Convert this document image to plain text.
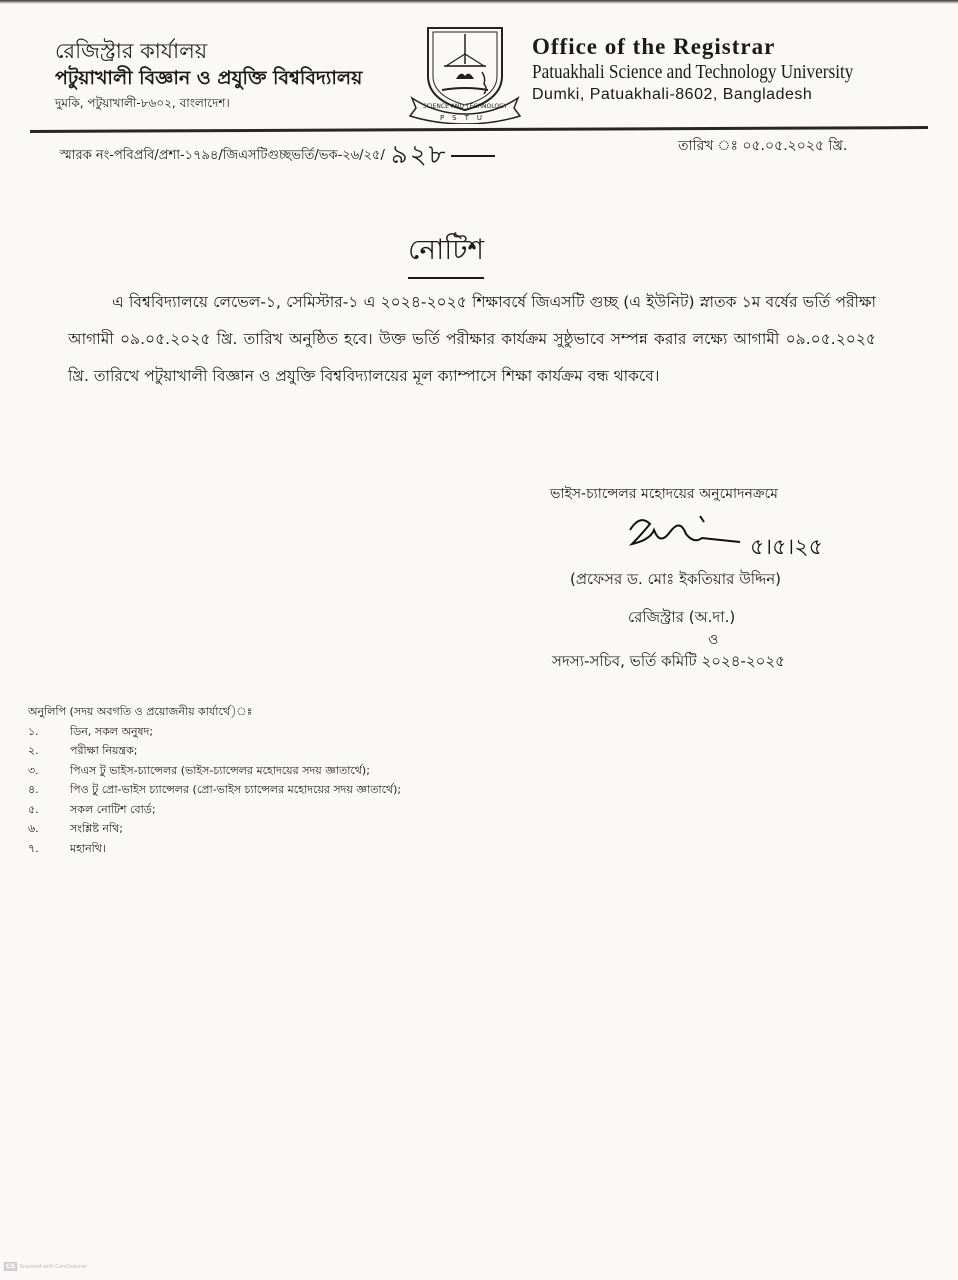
রেজিস্ট্রার কার্যালয়
পটুয়াখালী বিজ্ঞান ও প্রযুক্তি বিশ্ববিদ্যালয়
দুমকি, পটুয়াখালী-৮৬০২, বাংলাদেশ।	SCIENCE AND TECHNOLOGY
PSTU
Office of the Registrar
Patuakhali Science and Technology University
Dumki, Patuakhali-8602, Bangladesh
স্মারক নং-পবিপ্রবি/প্রশা-১৭৯৪/জিএসটিগুচ্ছভর্তি/ভক-২৬/২৫/ ৯২৮	তারিখ ঃ ০৫.০৫.২০২৫ খ্রি.
নোটিশ
এ বিশ্ববিদ্যালয়ে লেভেল-১, সেমিস্টার-১ এ ২০২৪-২০২৫ শিক্ষাবর্ষে জিএসটি গুচ্ছ (এ ইউনিট) স্নাতক ১ম বর্ষের ভর্তি পরীক্ষা আগামী ০৯.০৫.২০২৫ খ্রি. তারিখ অনুষ্ঠিত হবে। উক্ত ভর্তি পরীক্ষার কার্যক্রম সুষ্ঠুভাবে সম্পন্ন করার লক্ষ্যে আগামী ০৯.০৫.২০২৫ খ্রি. তারিখে পটুয়াখালী বিজ্ঞান ও প্রযুক্তি বিশ্ববিদ্যালয়ের মূল ক্যাম্পাসে শিক্ষা কার্যক্রম বন্ধ থাকবে।
ভাইস-চ্যান্সেলর মহোদয়ের অনুমোদনক্রমে
৫।৫।২৫
(প্রফেসর ড. মোঃ ইকতিয়ার উদ্দিন)
রেজিস্ট্রার (অ.দা.)
ও
সদস্য-সচিব, ভর্তি কমিটি ২০২৪-২০২৫
অনুলিপি (সদয় অবগতি ও প্রয়োজনীয় কার্যার্থে)ঃ
১.	ডিন, সকল অনুষদ;
২.	পরীক্ষা নিয়ন্ত্রক;
৩.	পিএস টু ভাইস-চ্যান্সেলর (ভাইস-চ্যান্সেলর মহোদয়ের সদয় জ্ঞাতার্থে);
৪.	পিও টু প্রো-ভাইস চ্যান্সেলর (প্রো-ভাইস চ্যান্সেলর মহোদয়ের সদয় জ্ঞাতার্থে);
৫.	সকল নোটিশ বোর্ড;
৬.	সংশ্লিষ্ট নথি;
৭.	মহানথি।
CS	Scanned with CamScanner
